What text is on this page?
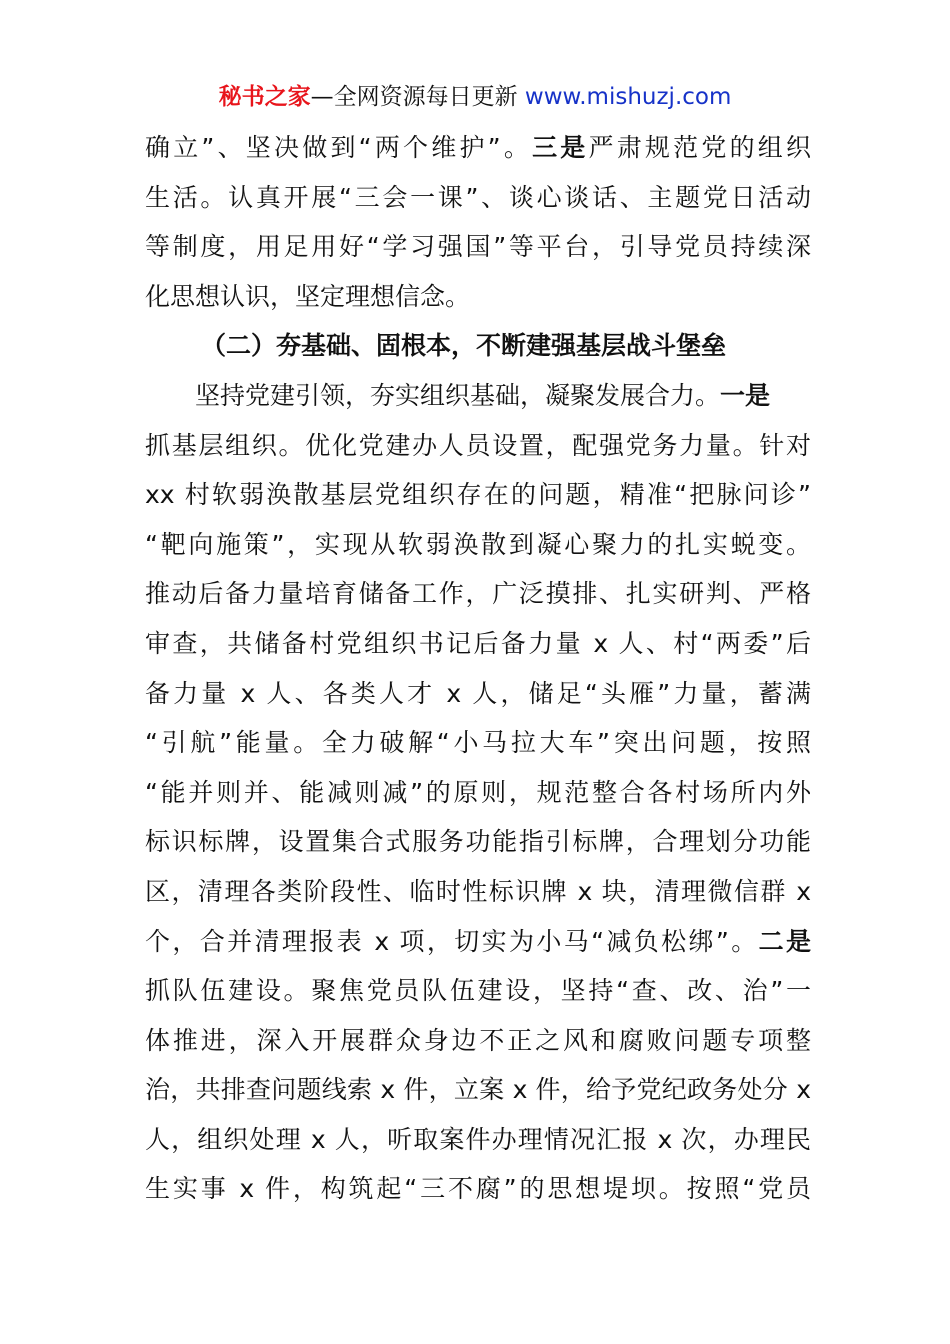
秘书之家—全网资源每日更新 www.mishuzj.com
确立”、坚决做到“两个维护”。三是严肃规范党的组织
生活。认真开展“三会一课”、谈心谈话、主题党日活动
等制度，用足用好“学习强国”等平台，引导党员持续深
化思想认识，坚定理想信念。
（二）夯基础、固根本，不断建强基层战斗堡垒
坚持党建引领，夯实组织基础，凝聚发展合力。一是
抓基层组织。优化党建办人员设置，配强党务力量。针对
xx 村软弱涣散基层党组织存在的问题，精准“把脉问诊”
“靶向施策”，实现从软弱涣散到凝心聚力的扎实蜕变。
推动后备力量培育储备工作，广泛摸排、扎实研判、严格
审查，共储备村党组织书记后备力量 x 人、村“两委”后
备力量 x 人、各类人才 x 人，储足“头雁”力量，蓄满
“引航”能量。全力破解“小马拉大车”突出问题，按照
“能并则并、能减则减”的原则，规范整合各村场所内外
标识标牌，设置集合式服务功能指引标牌，合理划分功能
区，清理各类阶段性、临时性标识牌 x 块，清理微信群 x
个，合并清理报表 x 项，切实为小马“减负松绑”。二是
抓队伍建设。聚焦党员队伍建设，坚持“查、改、治”一
体推进，深入开展群众身边不正之风和腐败问题专项整
治，共排查问题线索 x 件，立案 x 件，给予党纪政务处分 x
人，组织处理 x 人，听取案件办理情况汇报 x 次，办理民
生实事 x 件，构筑起“三不腐”的思想堤坝。按照“党员
